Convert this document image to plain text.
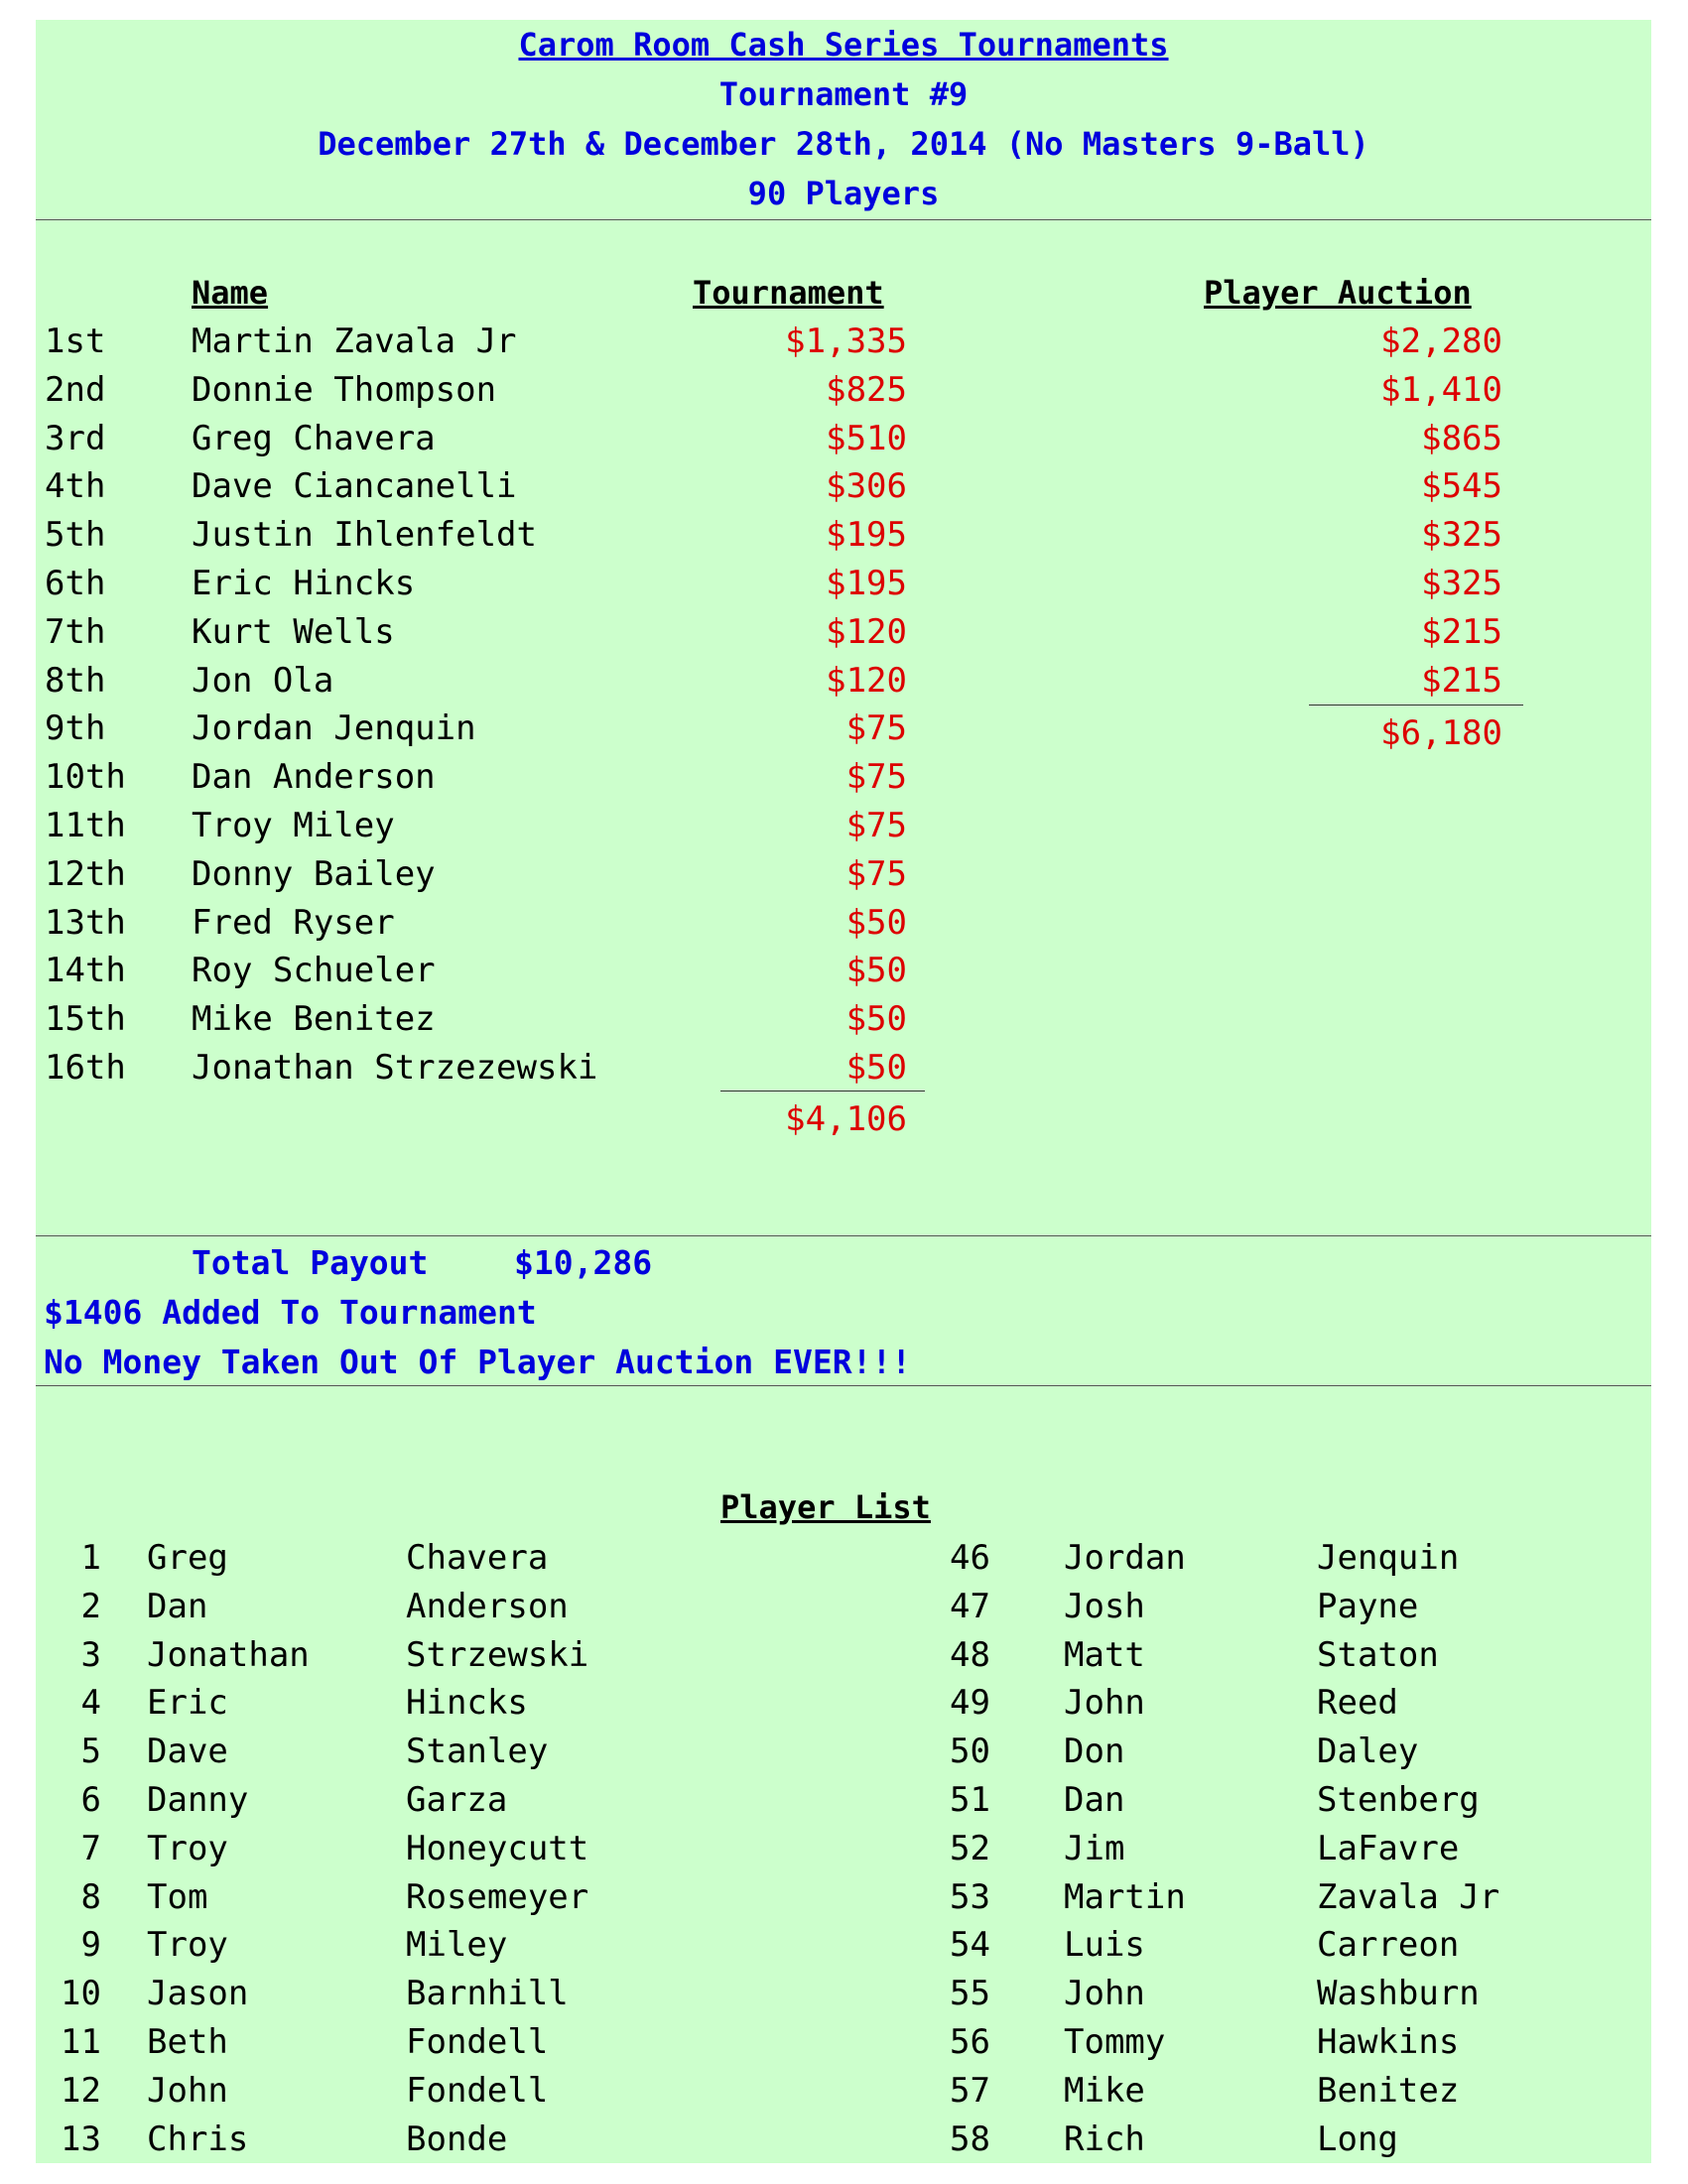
Carom Room Cash Series Tournaments
Tournament #9
December 27th & December 28th, 2014 (No Masters 9-Ball)
90 Players
Name	Tournament	Player Auction
1st	Martin Zavala Jr	$1,335	$2,280
2nd	Donnie Thompson	$825	$1,410
3rd	Greg Chavera	$510	$865
4th	Dave Ciancanelli	$306	$545
5th	Justin Ihlenfeldt	$195	$325
6th	Eric Hincks	$195	$325
7th	Kurt Wells	$120	$215
8th	Jon Ola	$120	$215
9th	Jordan Jenquin	$75
10th Dan Anderson	$75
11th Troy Miley	$75
12th Donny Bailey	$75
13th Fred Ryser	$50
14th Roy Schueler	$50
15th Mike Benitez	$50
16th Jonathan Strzezewski	$50
$4,106
$6,180
Total Payout	$10,286
$1406 Added To Tournament
No Money Taken Out Of Player Auction EVER!!!
Player List
1 Greg	Chavera
2 Dan	Anderson
3 Jonathan	Strzewski
4 Eric	Hincks
5 Dave	Stanley
6 Danny	Garza
7 Troy	Honeycutt
8 Tom	Rosemeyer
9 Troy	Miley
10 Jason	Barnhill
11 Beth	Fondell
12 John	Fondell
13 Chris	Bonde
46 Jordan	Jenquin
47 Josh	Payne
48 Matt	Staton
49 John	Reed
50 Don	Daley
51 Dan	Stenberg
52 Jim	LaFavre
53 Martin	Zavala Jr
54 Luis	Carreon
55 John	Washburn
56 Tommy	Hawkins
57 Mike	Benitez
58 Rich	Long
